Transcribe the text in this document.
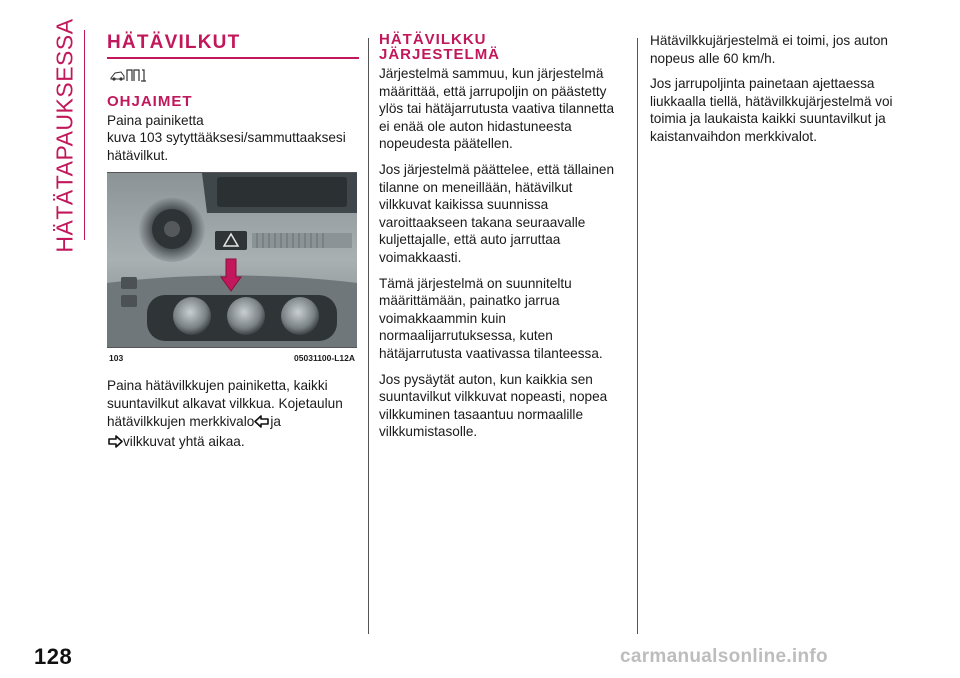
HÄTÄTAPAUKSESSA HÄTÄVILKUT
OHJAIMET

Paina painiketta
kuva 103 sytyttääksesi/sammuttaaksesi
hätävilkut.

103	05031100-L12A

Paina hätävilkkujen painiketta, kaikki
suuntavilkut alkavat vilkkua. Kojetaulun
hätävilkkujen merkkivalo ja
vilkkuvat yhtä aikaa.

HÄTÄVILKKU
JÄRJESTELMÄ

Järjestelmä sammuu, kun järjestelmä
määrittää, että jarrupoljin on päästetty
ylös tai hätäjarrutusta vaativa tilannetta
ei enää ole auton hidastuneesta
nopeudesta päätellen.

Jos järjestelmä päättelee, että tällainen
tilanne on meneillään, hätävilkut
vilkkuvat kaikissa suunnissa
varoittaakseen takana seuraavalle
kuljettajalle, että auto jarruttaa
voimakkaasti.

Tämä järjestelmä on suunniteltu
määrittämään, painatko jarrua
voimakkaammin kuin
normaalijarrutuksessa, kuten
hätäjarrutusta vaativassa tilanteessa.

Jos pysäytät auton, kun kaikkia sen
suuntavilkut vilkkuvat nopeasti, nopea
vilkkuminen tasaantuu normaalille
vilkkumistasolle.

Hätävilkkujärjestelmä ei toimi, jos auton
nopeus alle 60 km/h.

Jos jarrupoljinta painetaan ajettaessa
liukkaalla tiellä, hätävilkkujärjestelmä voi
toimia ja laukaista kaikki suuntavilkut ja
kaistanvaihdon merkkivalot.

128	carmanualsonline.info
